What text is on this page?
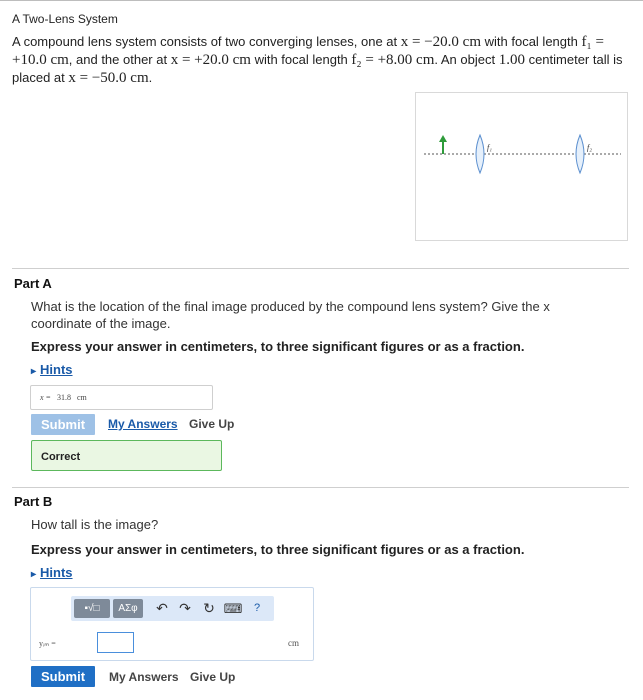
A Two-Lens System
A compound lens system consists of two converging lenses, one at x = −20.0 cm with focal length f₁ = +10.0 cm, and the other at x = +20.0 cm with focal length f₂ = +8.00 cm. An object 1.00 centimeter tall is placed at x = −50.0 cm.
f₁	f₂
Part A
What is the location of the final image produced by the compound lens system? Give the x coordinate of the image.
Express your answer in centimeters, to three significant figures or as a fraction.
▸ Hints
x = 31.8 cm
Submit	My Answers Give Up
Correct
Part B
How tall is the image?
Express your answer in centimeters, to three significant figures or as a fraction.
▸ Hints
▪√□	AΣφ	↶ ↷ ↻ ⌨	?
yᵢₘ =	cm
Submit	My Answers Give Up
